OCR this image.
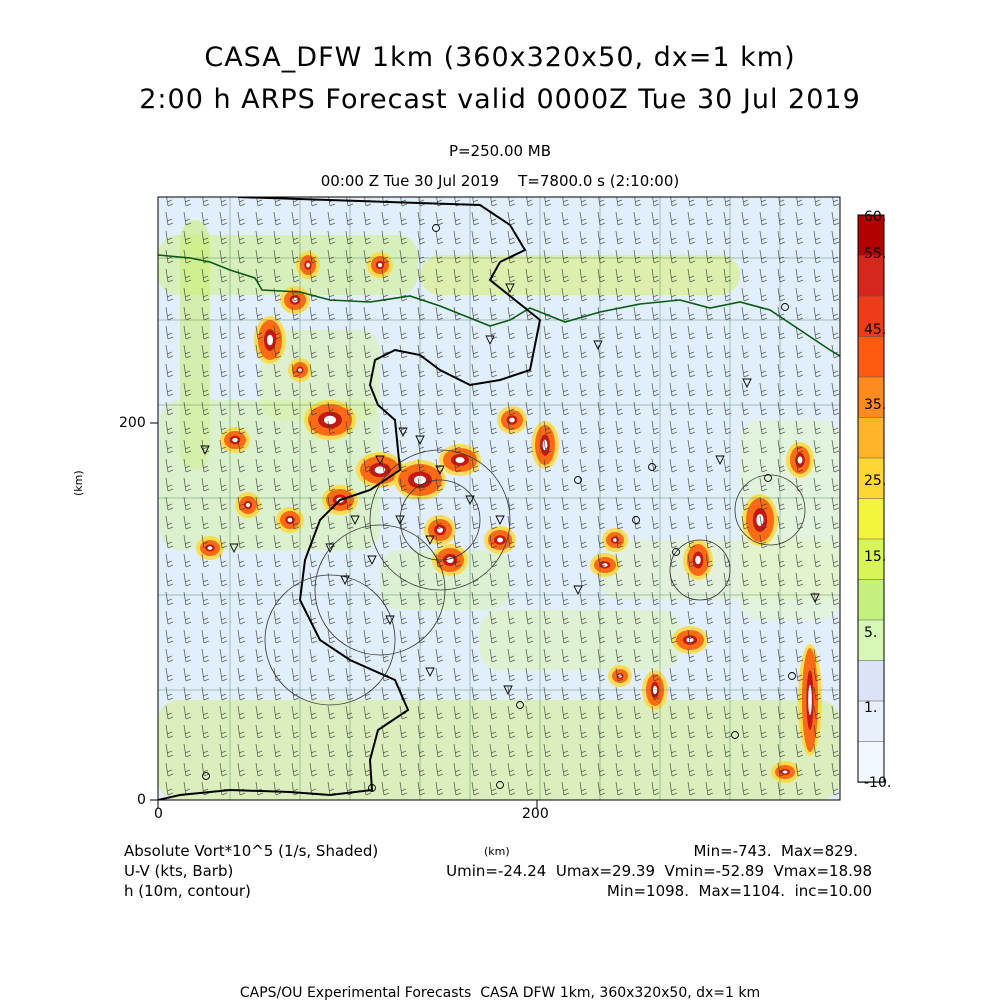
CASA_DFW 1km (360x320x50, dx=1 km)
2:00 h ARPS Forecast valid 0000Z Tue 30 Jul 2019
P=250.00 MB
00:00 Z Tue 30 Jul 2019    T=7800.0 s (2:10:00)
0	200
0
200
(km)
(km)
60.
55.
45.
35.
25.
15.
5.
1.
-10.
Absolute Vort*10^5 (1/s, Shaded)	Min=-743.  Max=829.
U-V (kts, Barb)	Umin=-24.24  Umax=29.39  Vmin=-52.89  Vmax=18.98
h (10m, contour)	Min=1098.  Max=1104.  inc=10.00
CAPS/OU Experimental Forecasts  CASA DFW 1km, 360x320x50, dx=1 km
